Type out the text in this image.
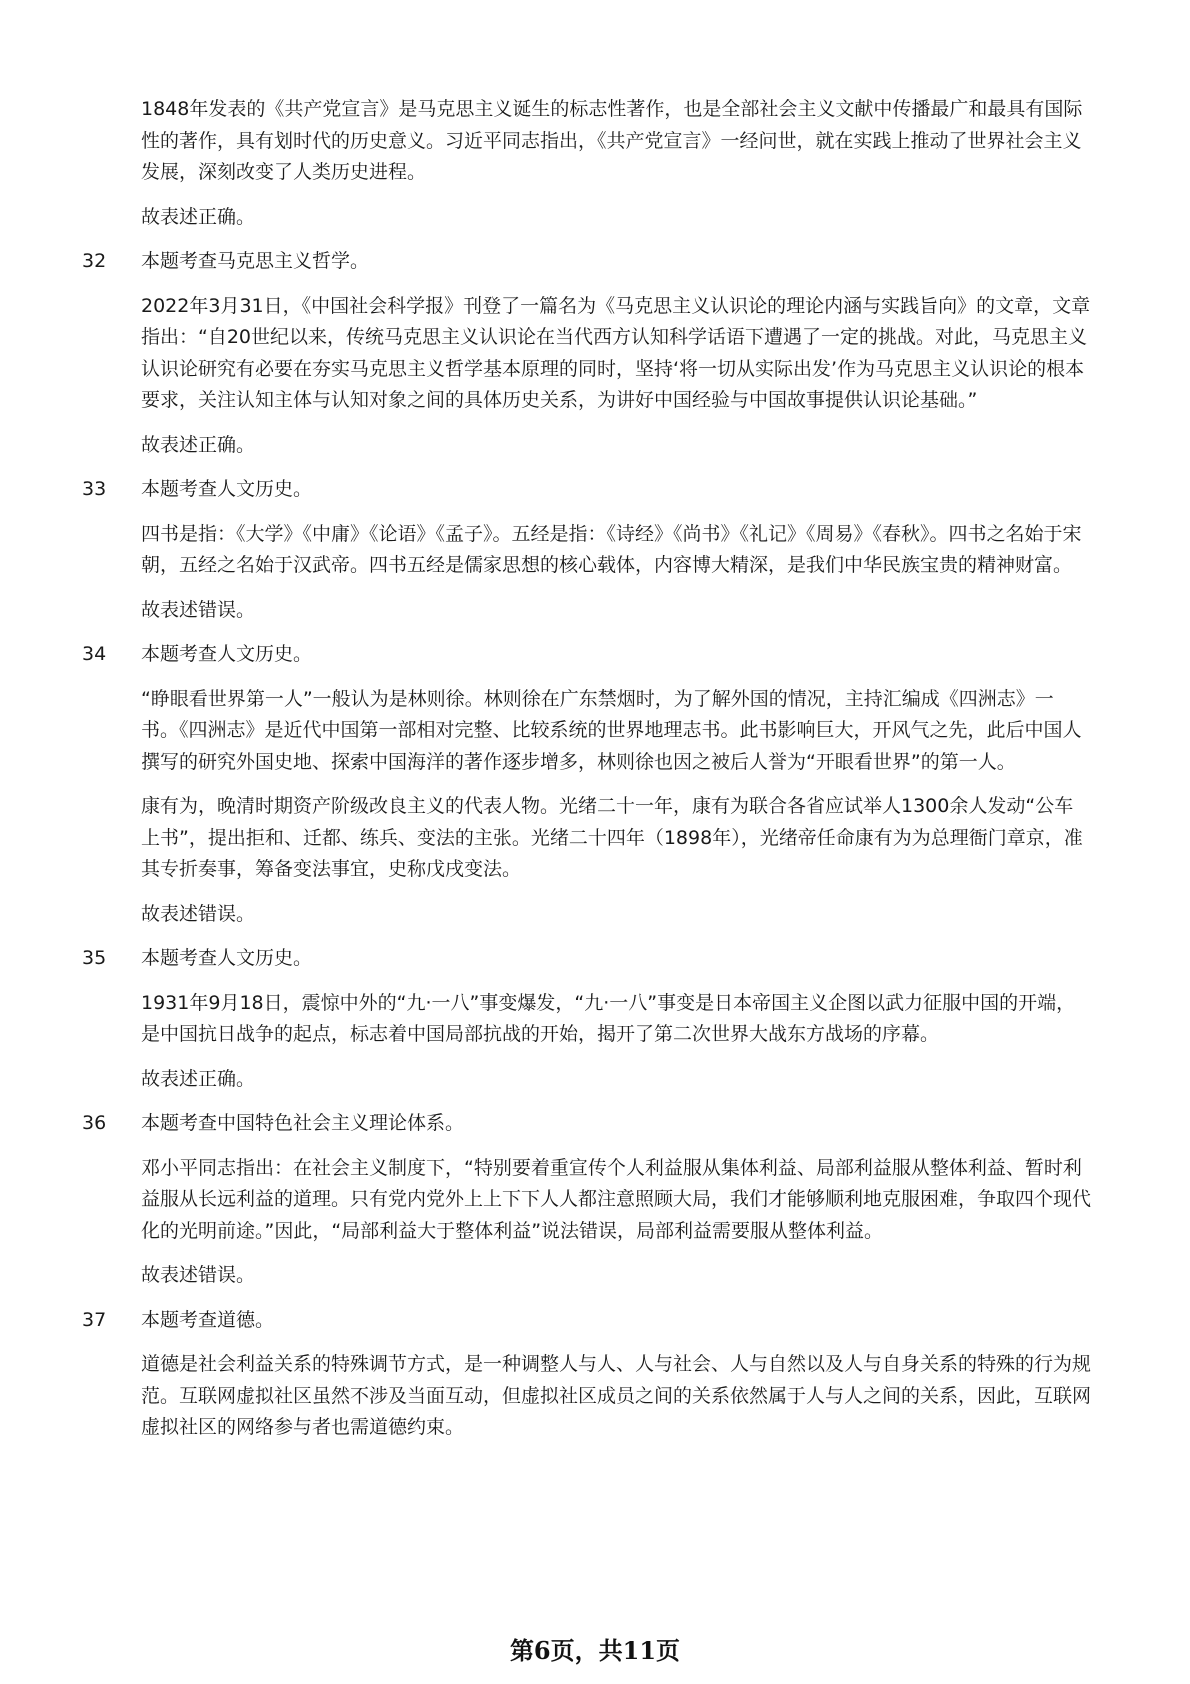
1848年发表的《共产党宣言》是马克思主义诞生的标志性著作，也是全部社会主义文献中传播最广和最具有国际性的著作，具有划时代的历史意义。习近平同志指出，《共产党宣言》一经问世，就在实践上推动了世界社会主义发展，深刻改变了人类历史进程。

故表述正确。

32 本题考查马克思主义哲学。

2022年3月31日，《中国社会科学报》刊登了一篇名为《马克思主义认识论的理论内涵与实践旨向》的文章，文章指出：“自20世纪以来，传统马克思主义认识论在当代西方认知科学话语下遭遇了一定的挑战。对此，马克思主义认识论研究有必要在夯实马克思主义哲学基本原理的同时，坚持‘将一切从实际出发’作为马克思主义认识论的根本要求，关注认知主体与认知对象之间的具体历史关系，为讲好中国经验与中国故事提供认识论基础。”

故表述正确。

33 本题考查人文历史。

四书是指：《大学》《中庸》《论语》《孟子》。五经是指：《诗经》《尚书》《礼记》《周易》《春秋》。四书之名始于宋朝，五经之名始于汉武帝。四书五经是儒家思想的核心载体，内容博大精深，是我们中华民族宝贵的精神财富。

故表述错误。

34 本题考查人文历史。

“睁眼看世界第一人”一般认为是林则徐。林则徐在广东禁烟时，为了解外国的情况，主持汇编成《四洲志》一书。《四洲志》是近代中国第一部相对完整、比较系统的世界地理志书。此书影响巨大，开风气之先，此后中国人撰写的研究外国史地、探索中国海洋的著作逐步增多，林则徐也因之被后人誉为“开眼看世界”的第一人。

康有为，晚清时期资产阶级改良主义的代表人物。光绪二十一年，康有为联合各省应试举人1300余人发动“公车上书”，提出拒和、迁都、练兵、变法的主张。光绪二十四年（1898年），光绪帝任命康有为为总理衙门章京，准其专折奏事，筹备变法事宜，史称戊戌变法。

故表述错误。

35 本题考查人文历史。

1931年9月18日，震惊中外的“九·一八”事变爆发，“九·一八”事变是日本帝国主义企图以武力征服中国的开端，是中国抗日战争的起点，标志着中国局部抗战的开始，揭开了第二次世界大战东方战场的序幕。

故表述正确。

36 本题考查中国特色社会主义理论体系。

邓小平同志指出：在社会主义制度下，“特别要着重宣传个人利益服从集体利益、局部利益服从整体利益、暂时利益服从长远利益的道理。只有党内党外上上下下人人都注意照顾大局，我们才能够顺利地克服困难，争取四个现代化的光明前途。”因此，“局部利益大于整体利益”说法错误，局部利益需要服从整体利益。

故表述错误。

37 本题考查道德。

道德是社会利益关系的特殊调节方式，是一种调整人与人、人与社会、人与自然以及人与自身关系的特殊的行为规范。互联网虚拟社区虽然不涉及当面互动，但虚拟社区成员之间的关系依然属于人与人之间的关系，因此，互联网虚拟社区的网络参与者也需道德约束。

第6页，共11页
